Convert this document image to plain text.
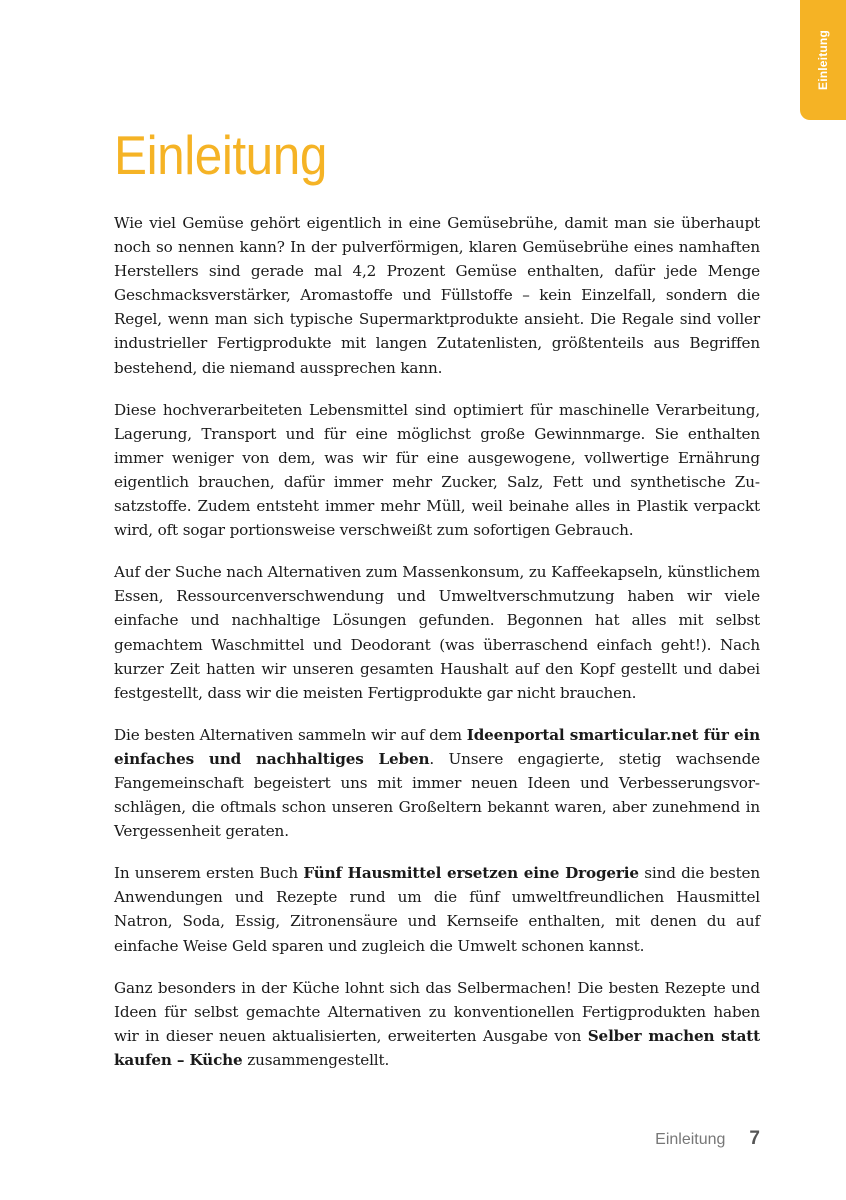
Einleitung
Einleitung

Wie viel Gemüse gehört eigentlich in eine Gemüsebrühe, damit man sie überhaupt noch so nennen kann? In der pulverförmigen, klaren Gemüsebrühe eines namhaften Herstellers sind gerade mal 4,2 Prozent Gemüse enthalten, dafür jede Menge Geschmacksverstärker, Aromastoffe und Füllstoffe – kein Einzelfall, sondern die Regel, wenn man sich typische Supermarktprodukte ansieht. Die Regale sind voller industrieller Fertigprodukte mit langen Zutatenlisten, größtenteils aus Begriffen bestehend, die niemand aussprechen kann.

Diese hochverarbeiteten Lebensmittel sind optimiert für maschinelle Verarbeitung, Lagerung, Transport und für eine möglichst große Gewinnmarge. Sie enthalten immer weniger von dem, was wir für eine ausgewogene, vollwertige Ernährung eigentlich brauchen, dafür immer mehr Zucker, Salz, Fett und synthetische Zusatzstoffe. Zudem entsteht immer mehr Müll, weil beinahe alles in Plastik verpackt wird, oft sogar portionsweise verschweißt zum sofortigen Gebrauch.

Auf der Suche nach Alternativen zum Massenkonsum, zu Kaffeekapseln, künstlichem Essen, Ressourcenverschwendung und Umweltverschmutzung haben wir viele einfache und nachhaltige Lösungen gefunden. Begonnen hat alles mit selbst gemachtem Waschmittel und Deodorant (was überraschend einfach geht!). Nach kurzer Zeit hatten wir unseren gesamten Haushalt auf den Kopf gestellt und dabei festgestellt, dass wir die meisten Fertigprodukte gar nicht brauchen.

Die besten Alternativen sammeln wir auf dem Ideenportal smarticular.net für ein einfaches und nachhaltiges Leben. Unsere engagierte, stetig wachsende Fangemeinschaft begeistert uns mit immer neuen Ideen und Verbesserungsvorschlägen, die oftmals schon unseren Großeltern bekannt waren, aber zunehmend in Vergessenheit geraten.

In unserem ersten Buch Fünf Hausmittel ersetzen eine Drogerie sind die besten Anwendungen und Rezepte rund um die fünf umweltfreundlichen Hausmittel Natron, Soda, Essig, Zitronensäure und Kernseife enthalten, mit denen du auf einfache Weise Geld sparen und zugleich die Umwelt schonen kannst.

Ganz besonders in der Küche lohnt sich das Selbermachen! Die besten Rezepte und Ideen für selbst gemachte Alternativen zu konventionellen Fertigprodukten haben wir in dieser neuen aktualisierten, erweiterten Ausgabe von Selber machen statt kaufen – Küche zusammengestellt.

Einleitung 7
